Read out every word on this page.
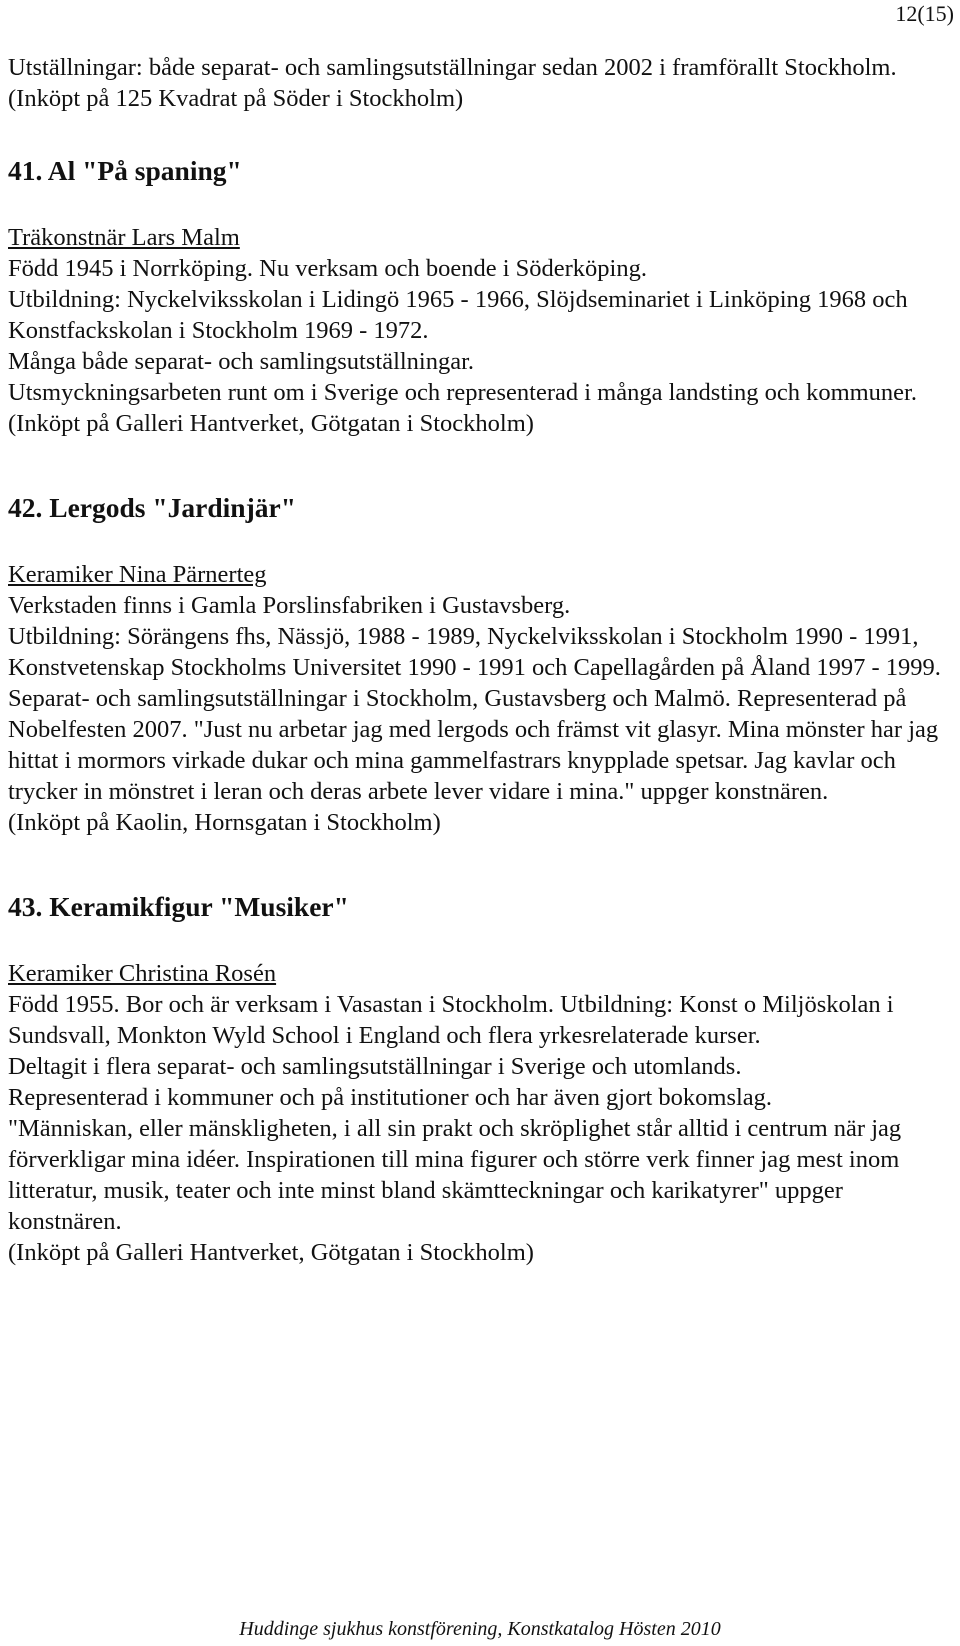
12(15)

Utställningar: både separat- och samlingsutställningar sedan 2002 i framförallt Stockholm.

(Inköpt på 125 Kvadrat på Söder i Stockholm)

41. Al "På spaning"

Träkonstnär Lars Malm

Född 1945 i Norrköping. Nu verksam och boende i Söderköping.

Utbildning: Nyckelviksskolan i Lidingö 1965 - 1966, Slöjdseminariet i Linköping 1968 och Konstfackskolan i Stockholm 1969 - 1972.

Många både separat- och samlingsutställningar.

Utsmyckningsarbeten runt om i Sverige och representerad i många landsting och kommuner.

(Inköpt på Galleri Hantverket, Götgatan i Stockholm)

42. Lergods "Jardinjär"

Keramiker Nina Pärnerteg

Verkstaden finns i Gamla Porslinsfabriken i Gustavsberg.

Utbildning: Sörängens fhs, Nässjö, 1988 - 1989, Nyckelviksskolan i Stockholm 1990 - 1991, Konstvetenskap Stockholms Universitet 1990 - 1991 och Capellagården på Åland 1997 - 1999. Separat- och samlingsutställningar i Stockholm, Gustavsberg och Malmö. Representerad på Nobelfesten 2007. "Just nu arbetar jag med lergods och främst vit glasyr. Mina mönster har jag hittat i mormors virkade dukar och mina gammelfastrars knypplade spetsar. Jag kavlar och trycker in mönstret i leran och deras arbete lever vidare i mina." uppger konstnären.

(Inköpt på Kaolin, Hornsgatan i Stockholm)

43. Keramikfigur "Musiker"

Keramiker Christina Rosén

Född 1955. Bor och är verksam i Vasastan i Stockholm. Utbildning: Konst o Miljöskolan i Sundsvall, Monkton Wyld School i England och flera yrkesrelaterade kurser.

Deltagit i flera separat- och samlingsutställningar i Sverige och utomlands.

Representerad i kommuner och på institutioner och har även gjort bokomslag.

"Människan, eller mänskligheten, i all sin prakt och skröplighet står alltid i centrum när jag förverkligar mina idéer. Inspirationen till mina figurer och större verk finner jag mest inom litteratur, musik, teater och inte minst bland skämtteckningar och karikatyrer" uppger konstnären.

(Inköpt på Galleri Hantverket, Götgatan i Stockholm)

Huddinge sjukhus konstförening, Konstkatalog Hösten 2010
